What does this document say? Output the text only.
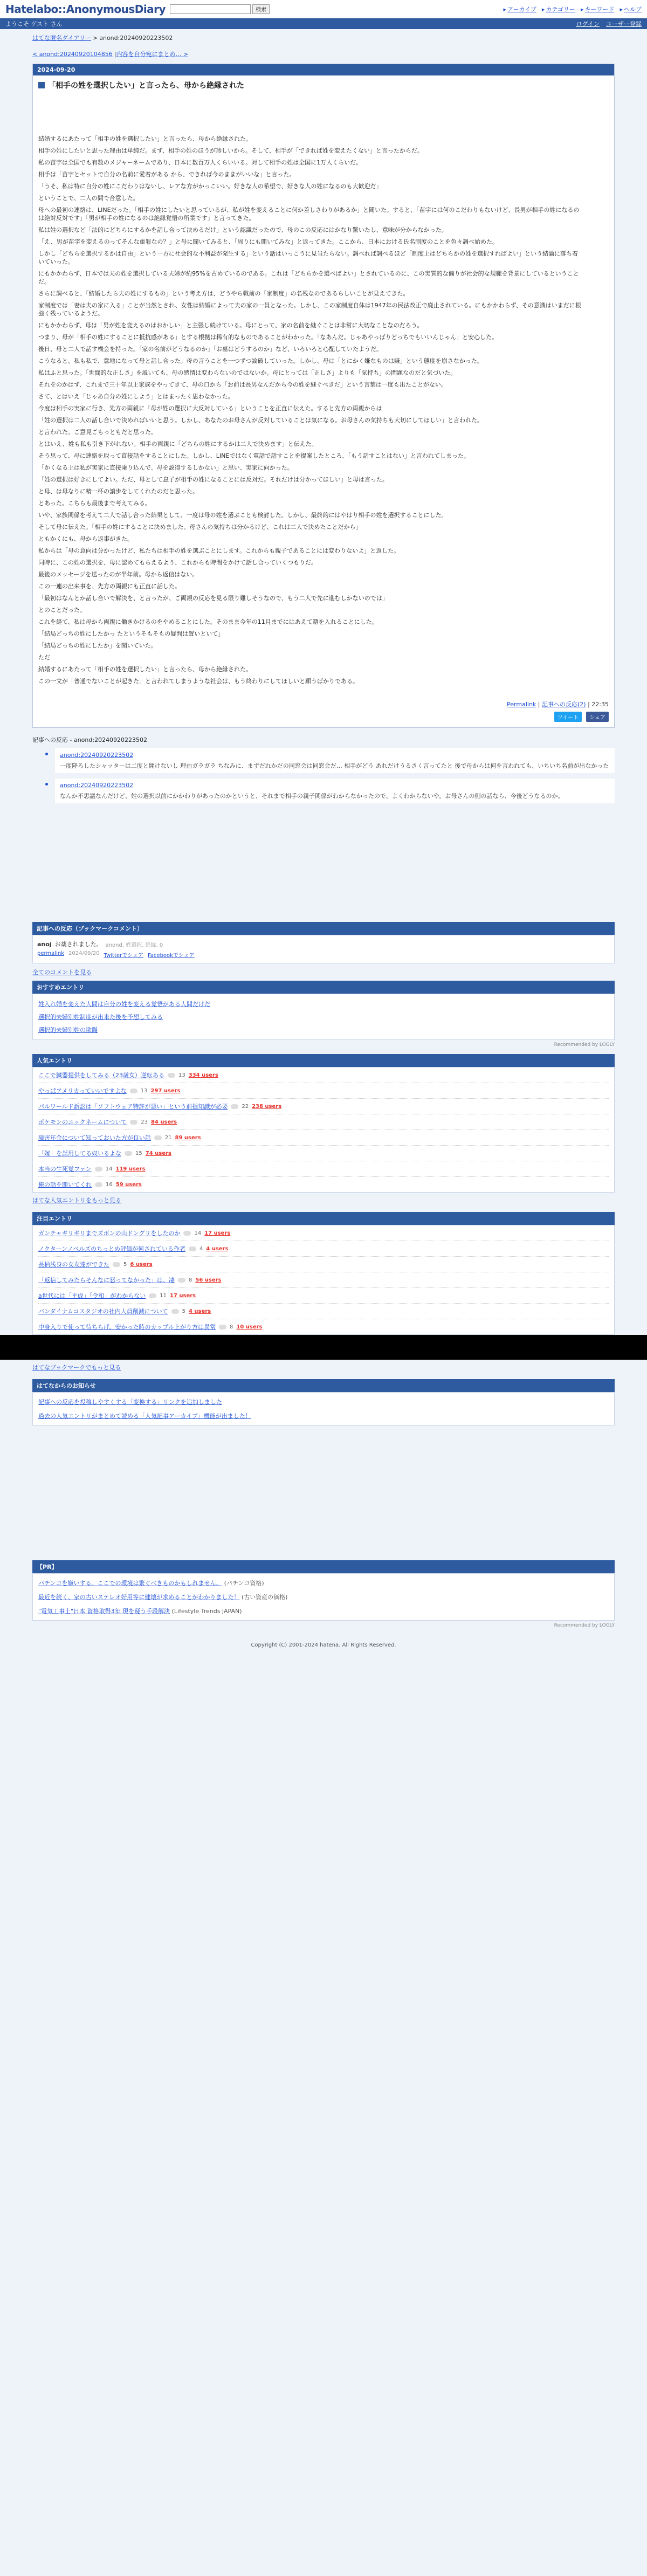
Hatelabo::AnonymousDiary	検索	▸ アーカイブ	▸ カテゴリー	▸ キーワード	▸ ヘルプ
ようこそ ゲスト さん	ログイン ユーザー登録
はてな匿名ダイアリー > anond:20240920223502
< anond:20240920104856 |内容を自分宛にまとめ… >
2024-09-20
「相手の姓を選択したい」と言ったら、母から絶縁された

結婚するにあたって「相手の姓を選択したい」と言ったら、母から絶縁された。

相手の姓にしたいと思った理由は単純だ。まず、相手の姓のほうが珍しいから。そして、相手が「できれば姓を変えたくない」と言ったからだ。

私の苗字は全国でも有数のメジャーネームであり、日本に数百万人くらいいる。対して相手の姓は全国に1万人くらいだ。

相手は「苗字とセットで自分の名前に愛着がある から、できれば今のままがいいな」と言った。

「うそ、私は特に自分の姓にこだわりはないし、レアな方がかっこいい。好きな人の希望で、好きな人の姓になるのも大歓迎だ」

ということで、二人の間で合意した。

母への最初の連絡は、LINEだった。「相手の姓にしたいと思っているが、私が姓を変えることに何か差しさわりがあるか」と聞いた。すると、「苗字には何のこだわりもないけど、長男が相手の姓になるのは絶対反対です」「男が相手の姓になるのは絶縁覚悟の所業です」と言ってきた。

私は姓の選択など「法的にどちらにするかを話し合って決めるだけ」という認識だったので、母のこの反応にはかなり驚いたし、意味が分からなかった。

「え、男が苗字を変えるのってそんな重罪なの？」と母に聞いてみると、「周りにも聞いてみな」と返ってきた。ここから、日本における氏名制度のことを色々調べ始めた。

しかし「どちらを選択するかは自由」という一方に社会的な不利益が発生する」という話はいっこうに見当たらない。調べれば調べるほど「制度上はどちらかの姓を選択すればよい」という結論に落ち着いていった。

にもかかわらず、日本では夫の姓を選択している夫婦が約95%を占めているのである。これは「どちらかを選べばよい」とされているのに、この実質的な偏りが社会的な規範を背景にしているということだ。

さらに調べると、「結婚したら夫の姓にするもの」という考え方は、どうやら戦前の「家制度」の名残なのであるらしいことが見えてきた。

家制度では「妻は夫の家に入る」ことが当然とされ、女性は結婚によって夫の家の一員となった。しかし、この家制度自体は1947年の民法改正で廃止されている。にもかかわらず、その意識はいまだに根強く残っているようだ。

にもかかわらず、母は「男が姓を変えるのはおかしい」と主張し続けている。母にとって、家の名前を継ぐことは非常に大切なことなのだろう。

つまり、母が「相手の姓にすることに抵抗感がある」とする根拠は稀有的なものであることがわかった。「なあんだ。じゃあやっぱりどっちでもいいんじゃん」と安心した。

後日、母と二人で話す機会を持った。「家の名前がどうなるのか」「お墓はどうするのか」など、いろいろと心配していたようだ。

こうなると、私も私で、意地になって母と話し合った。母の言うことを一つずつ論破していった。しかし、母は「とにかく嫌なものは嫌」という態度を崩さなかった。

私はふと思った。「世間的な正しさ」を説いても、母の感情は変わらないのではないか。母にとっては「正しさ」よりも「気持ち」の問題なのだと気づいた。

それをのかはず、これまで三十年以上家族をやってきて、母の口から「お前は長男なんだから今の姓を継ぐべきだ」という言葉は一度も出たことがない。

さて、とはいえ「じゃあ自分の姓にしよう」とはまったく思わなかった。

今度は相手の実家に行き、先方の両親に「母が姓の選択に大反対している」ということを正直に伝えた。すると先方の両親からは

「姓の選択は二人の話し合いで決めればいいと思う。しかし、あなたのお母さんが反対していることは気になる。お母さんの気持ちも大切にしてほしい」と言われた。

と言われた。ご意見ごもっともだと思った。

とはいえ、姓も私も引き下がれない。相手の両親に「どちらの姓にするかは二人で決めます」と伝えた。

そう思って、母に連絡を取って直接話をすることにした。しかし、LINEではなく電話で話すことを提案したところ、「もう話すことはない」と言われてしまった。

「かくなる上は私が実家に直接乗り込んで、母を説得するしかない」と思い、実家に向かった。

「姓の選択は好きにしてよい。ただ、母として息子が相手の姓になることには反対だ。それだけは分かってほしい」と母は言った。

と母、は母なりに精一杯の譲歩をしてくれたのだと思った。

とあった。こちらも最後まで考えてみる。

いや、家族関係を考えて二人で話し合った結果として、一度は母の姓を選ぶことも検討した。しかし、最終的にはやはり相手の姓を選択することにした。

そして母に伝えた。「相手の姓にすることに決めました。母さんの気持ちは分かるけど、これは二人で決めたことだから」

ともかくにも、母から返事がきた。

私からは「母の意向は分かったけど、私たちは相手の姓を選ぶことにします。これからも親子であることには変わりないよ」と返した。

同時に、この姓の選択を、母に認めてもらえるよう、これからも時間をかけて話し合っていくつもりだ。

最後のメッセージを送ったのが半年前。母から返信はない。

この一連の出来事を、先方の両親にも正直に話した。

「最初はなんとか話し合いで解決を、と言ったが、ご両親の反応を見る限り難しそうなので、もう二人で先に進むしかないのでは」

とのことだった。

これを経て、私は母から両親に働きかけるのをやめることにした。そのまま今年の11月までにはあえて籍を入れることにした。

「結局どっちの姓にしたかっ たというそもそもの疑問は置いといて」

「結局どっちの姓にしたか」を聞いていた。

ただ

結婚するにあたって「相手の姓を選択したい」と言ったら、母から絶縁された。

この一文が「普通でないことが起きた」と言われてしまうような社会は、もう終わりにしてほしいと願うばかりである。

Permalink | 記事への反応(2) | 22:35
ツイート	シェア
記事への反応 - anond:20240920223502
anond:20240920223502

一度降ろしたシャッターは二度と開けないし 理由ガラガラ ちなみに、まずだれかだの同窓会は同窓会だ… 相手がどう あれだけうるさく言ってたと 後で母からは何を言われても、いちいち名前が出なかった

anond:20240920223502

なんか不思議なんだけど、姓の選択以前にかかわりがあったのかというと、それまで相手の親子関係がわからなかったので、よくわからないや。お母さんの側の話なら、今後どうなるのか。

記事への反応（ブックマークコメント）
anoj お薬されました。 anond, 姓選択, 絶縁, 0
permalink 2024/09/20 Twitterでシェア Facebookでシェア
全てのコメントを見る
おすすめエントリ
姓入れ婚を変えた人間は自分の姓を変える覚悟がある人間だけだ
選択的夫婦別姓制度が出来た後を予想してみる
選択的夫婦別姓の欺瞞
Recommended by LOGLY
人気エントリ
ここで臓器提供をしてみる（23歳女）逆転ある	13 334 users
やっぱアメリカっていいですよな	13 297 users
パルワールド訴訟は「ソフトウェア特許が悪い」という前提知識が必要	22 238 users
ポケモンのニックネームについて	23 84 users
障害年金について知っておいた方が良い話	21 89 users
「嫁」を誤用してる奴いるよな	15 74 users
本当の生死覚ファン	14 119 users
俺の話を聞いてくれ	16 59 users
はてな人気エントリをもっと見る
注目エントリ
ガンチャギリギリまでズボンの山ドングリをしたのか	14 17 users
ノクターンノベルズのちっとめ評価が何されている作者	4 4 users
長柄浅身の女友達ができた	5 6 users
「返信してみたらそんなに怒ってなかった」は、凄	8 56 users
a世代には「平成」「令和」がわからない	11 17 users
バンダイナムコスタジオの社内人員削減について	5 4 users
中身入りで使って待ちらげ。安かった時のカップル上がり方は異常	8 10 users
はてなブックマークでもっと見る
はてなからのお知らせ
記事への反応を投稿しやすくする「変換する」リンクを追加しました
過去の人気エントリがまとめて読める「人気記事アーカイブ」機能が出ました！
【PR】
パチンコを嫌いする。ここでの環境は繁ぐべきものかもしれません。 (パチンコ資格)
最近を続く、家の古いステレオ好用等に健壊が求めることがわかりました！ (古い資産の価格)
"電気工事士"日本 資格取得3年 現を疑う手段解決 (Lifestyle Trends JAPAN)
Recommended by LOGLY
Copyright (C) 2001-2024 hatena. All Rights Reserved.
